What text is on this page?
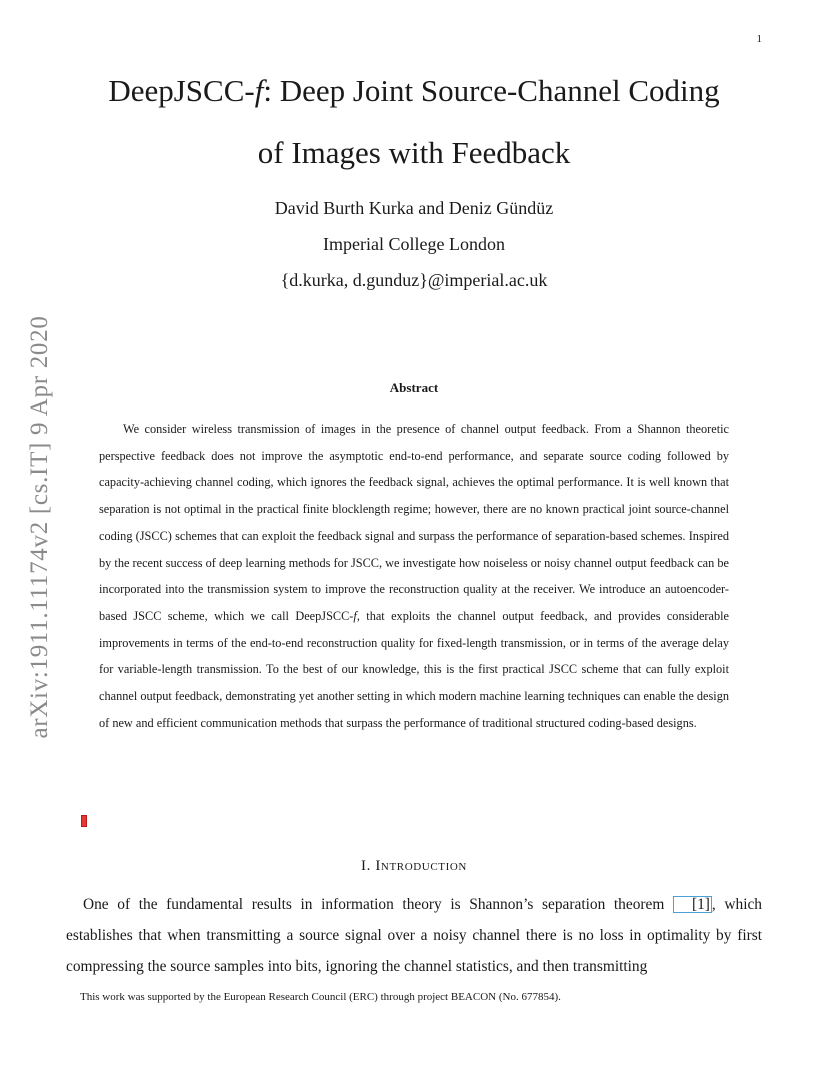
1
arXiv:1911.11174v2 [cs.IT] 9 Apr 2020
DeepJSCC-f: Deep Joint Source-Channel Coding
of Images with Feedback
David Burth Kurka and Deniz Gündüz
Imperial College London
{d.kurka, d.gunduz}@imperial.ac.uk
Abstract
We consider wireless transmission of images in the presence of channel output feedback. From a Shannon theoretic perspective feedback does not improve the asymptotic end-to-end performance, and separate source coding followed by capacity-achieving channel coding, which ignores the feedback signal, achieves the optimal performance. It is well known that separation is not optimal in the practical finite blocklength regime; however, there are no known practical joint source-channel coding (JSCC) schemes that can exploit the feedback signal and surpass the performance of separation-based schemes. Inspired by the recent success of deep learning methods for JSCC, we investigate how noiseless or noisy channel output feedback can be incorporated into the transmission system to improve the reconstruction quality at the receiver. We introduce an autoencoder-based JSCC scheme, which we call DeepJSCC-f, that exploits the channel output feedback, and provides considerable improvements in terms of the end-to-end reconstruction quality for fixed-length transmission, or in terms of the average delay for variable-length transmission. To the best of our knowledge, this is the first practical JSCC scheme that can fully exploit channel output feedback, demonstrating yet another setting in which modern machine learning techniques can enable the design of new and efficient communication methods that surpass the performance of traditional structured coding-based designs.
I. Introduction
One of the fundamental results in information theory is Shannon’s separation theorem [1] , which establishes that when transmitting a source signal over a noisy channel there is no loss in optimality by first compressing the source samples into bits, ignoring the channel statistics, and then transmitting
This work was supported by the European Research Council (ERC) through project BEACON (No. 677854).
